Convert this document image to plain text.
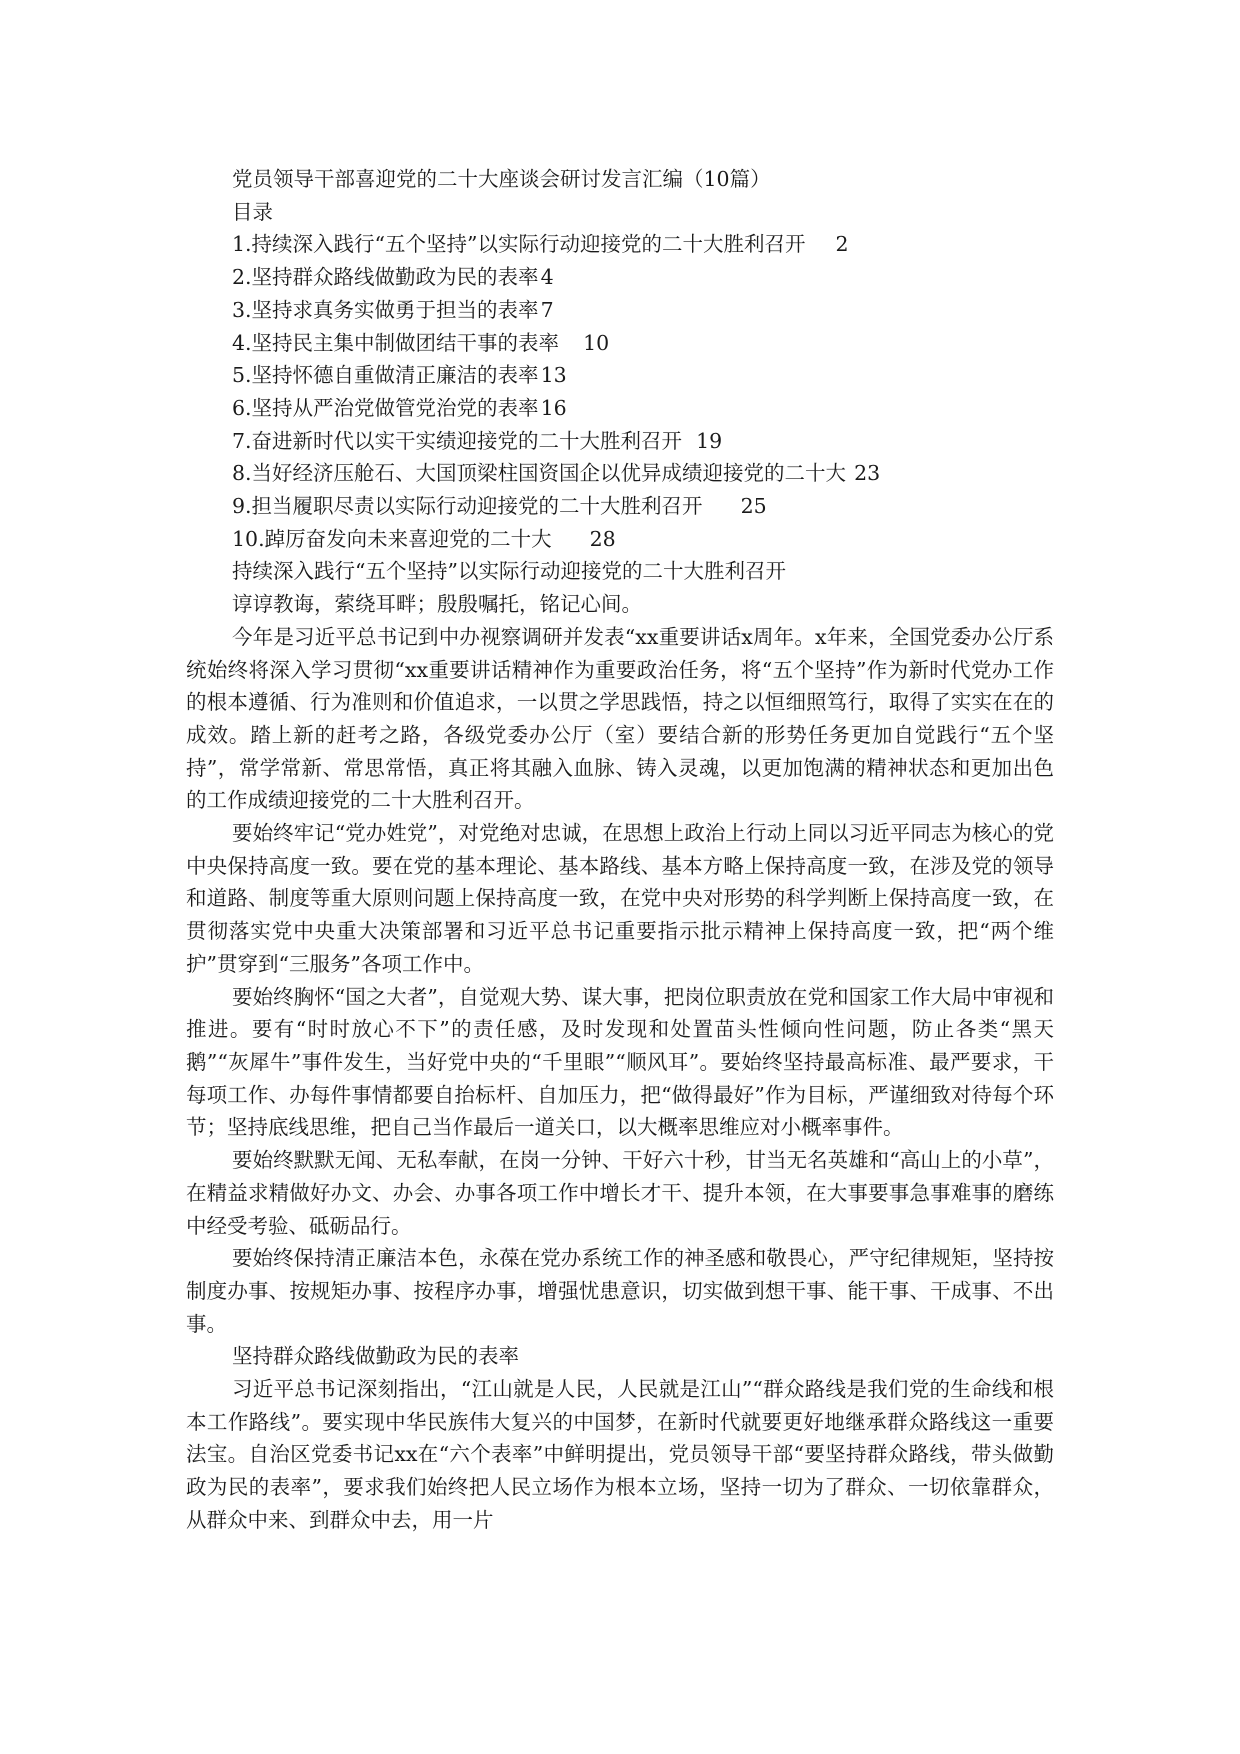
党员领导干部喜迎党的二十大座谈会研讨发言汇编（10篇）
目录
1.持续深入践行“五个坚持”以实际行动迎接党的二十大胜利召开 2
2.坚持群众路线做勤政为民的表率4
3.坚持求真务实做勇于担当的表率7
4.坚持民主集中制做团结干事的表率 10
5.坚持怀德自重做清正廉洁的表率13
6.坚持从严治党做管党治党的表率16
7.奋进新时代以实干实绩迎接党的二十大胜利召开 19
8.当好经济压舱石、大国顶梁柱国资国企以优异成绩迎接党的二十大 23
9.担当履职尽责以实际行动迎接党的二十大胜利召开 25
10.踔厉奋发向未来喜迎党的二十大 28
持续深入践行“五个坚持”以实际行动迎接党的二十大胜利召开
谆谆教诲，萦绕耳畔；殷殷嘱托，铭记心间。

今年是习近平总书记到中办视察调研并发表“xx重要讲话x周年。x年来，全国党委办公厅系统始终将深入学习贯彻“xx重要讲话精神作为重要政治任务，将“五个坚持”作为新时代党办工作的根本遵循、行为准则和价值追求，一以贯之学思践悟，持之以恒细照笃行，取得了实实在在的成效。踏上新的赶考之路，各级党委办公厅（室）要结合新的形势任务更加自觉践行“五个坚持”，常学常新、常思常悟，真正将其融入血脉、铸入灵魂，以更加饱满的精神状态和更加出色的工作成绩迎接党的二十大胜利召开。

要始终牢记“党办姓党”，对党绝对忠诚，在思想上政治上行动上同以习近平同志为核心的党中央保持高度一致。要在党的基本理论、基本路线、基本方略上保持高度一致，在涉及党的领导和道路、制度等重大原则问题上保持高度一致，在党中央对形势的科学判断上保持高度一致，在贯彻落实党中央重大决策部署和习近平总书记重要指示批示精神上保持高度一致，把“两个维护”贯穿到“三服务”各项工作中。

要始终胸怀“国之大者”，自觉观大势、谋大事，把岗位职责放在党和国家工作大局中审视和推进。要有“时时放心不下”的责任感，及时发现和处置苗头性倾向性问题，防止各类“黑天鹅”“灰犀牛”事件发生，当好党中央的“千里眼”“顺风耳”。要始终坚持最高标准、最严要求，干每项工作、办每件事情都要自抬标杆、自加压力，把“做得最好”作为目标，严谨细致对待每个环节；坚持底线思维，把自己当作最后一道关口，以大概率思维应对小概率事件。

要始终默默无闻、无私奉献，在岗一分钟、干好六十秒，甘当无名英雄和“高山上的小草”，在精益求精做好办文、办会、办事各项工作中增长才干、提升本领，在大事要事急事难事的磨练中经受考验、砥砺品行。

要始终保持清正廉洁本色，永葆在党办系统工作的神圣感和敬畏心，严守纪律规矩，坚持按制度办事、按规矩办事、按程序办事，增强忧患意识，切实做到想干事、能干事、干成事、不出事。

坚持群众路线做勤政为民的表率

习近平总书记深刻指出，“江山就是人民，人民就是江山”“群众路线是我们党的生命线和根本工作路线”。要实现中华民族伟大复兴的中国梦，在新时代就要更好地继承群众路线这一重要法宝。自治区党委书记xx在“六个表率”中鲜明提出，党员领导干部“要坚持群众路线，带头做勤政为民的表率”，要求我们始终把人民立场作为根本立场，坚持一切为了群众、一切依靠群众，从群众中来、到群众中去，用一片
